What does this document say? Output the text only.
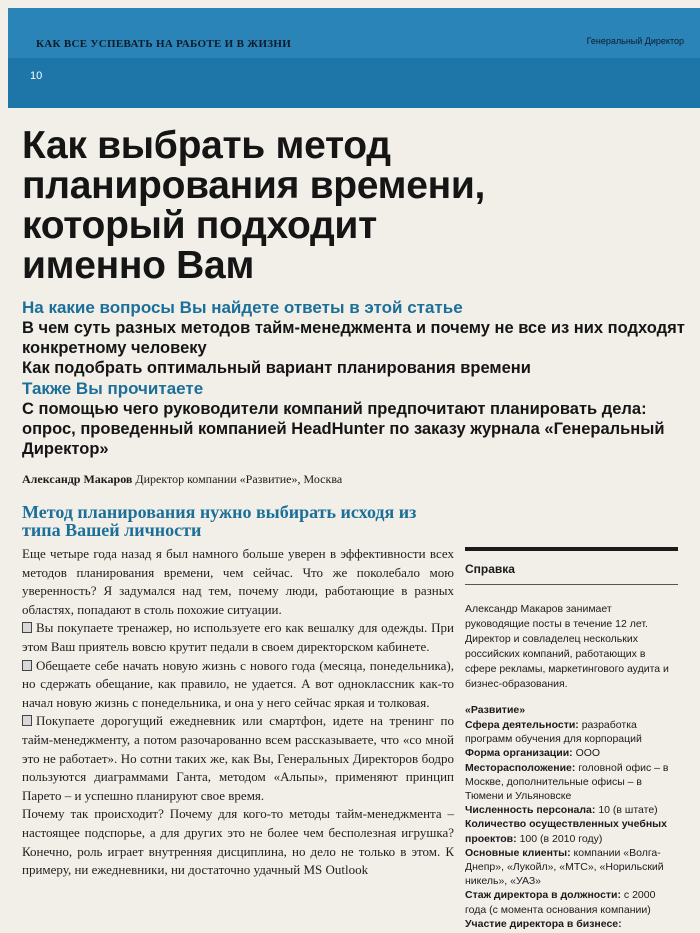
КАК ВСЕ УСПЕВАТЬ НА РАБОТЕ И В ЖИЗНИ	Генеральный Директор
10
Как выбрать метод
планирования времени,
который подходит
именно Вам
На какие вопросы Вы найдете ответы в этой статье
В чем суть разных методов тайм-менеджмента и почему не все из них подходят конкретному человеку
Как подобрать оптимальный вариант планирования времени
Также Вы прочитаете
С помощью чего руководители компаний предпочитают планировать дела: опрос, проведенный компанией HeadHunter по заказу журнала «Генеральный Директор»
Александр Макаров Директор компании «Развитие», Москва
Метод планирования нужно выбирать исходя из типа Вашей личности

Еще четыре года назад я был намного больше уверен в эффективности всех методов планирования времени, чем сейчас. Что же поколебало мою уверенность? Я задумался над тем, почему люди, работающие в разных областях, попадают в столь похожие ситуации.

Вы покупаете тренажер, но используете его как вешалку для одежды. При этом Ваш приятель вовсю крутит педали в своем директорском кабинете.

Обещаете себе начать новую жизнь с нового года (месяца, понедельника), но сдержать обещание, как правило, не удается. А вот одноклассник как-то начал новую жизнь с понедельника, и она у него сейчас яркая и толковая.

Покупаете дорогущий ежедневник или смартфон, идете на тренинг по тайм-менеджменту, а потом разочарованно всем рассказываете, что «со мной это не работает». Но сотни таких же, как Вы, Генеральных Директоров бодро пользуются диаграммами Ганта, методом «Альпы», применяют принцип Парето – и успешно планируют свое время.

Почему так происходит? Почему для кого-то методы тайм-менеджмента – настоящее подспорье, а для других это не более чем бесполезная игрушка? Конечно, роль играет внутренняя дисциплина, но дело не только в этом. К примеру, ни ежедневники, ни достаточно удачный MS Outlook

Справка
Александр Макаров занимает руководящие посты в течение 12 лет. Директор и совладелец нескольких российских компаний, работающих в сфере рекламы, маркетингового аудита и бизнес-образования.
«Развитие»
Сфера деятельности: разработка программ обучения для корпораций
Форма организации: ООО
Месторасположение: головной офис – в Москве, дополнительные офисы – в Тюмени и Ульяновске
Численность персонала: 10 (в штате)
Количество осуществленных учебных проектов: 100 (в 2010 году)
Основные клиенты: компании «Волга-Днепр», «Лукойл», «МТС», «Норильский никель», «УАЗ»
Стаж директора в должности: с 2000 года (с момента основания компании)
Участие директора в бизнесе:
